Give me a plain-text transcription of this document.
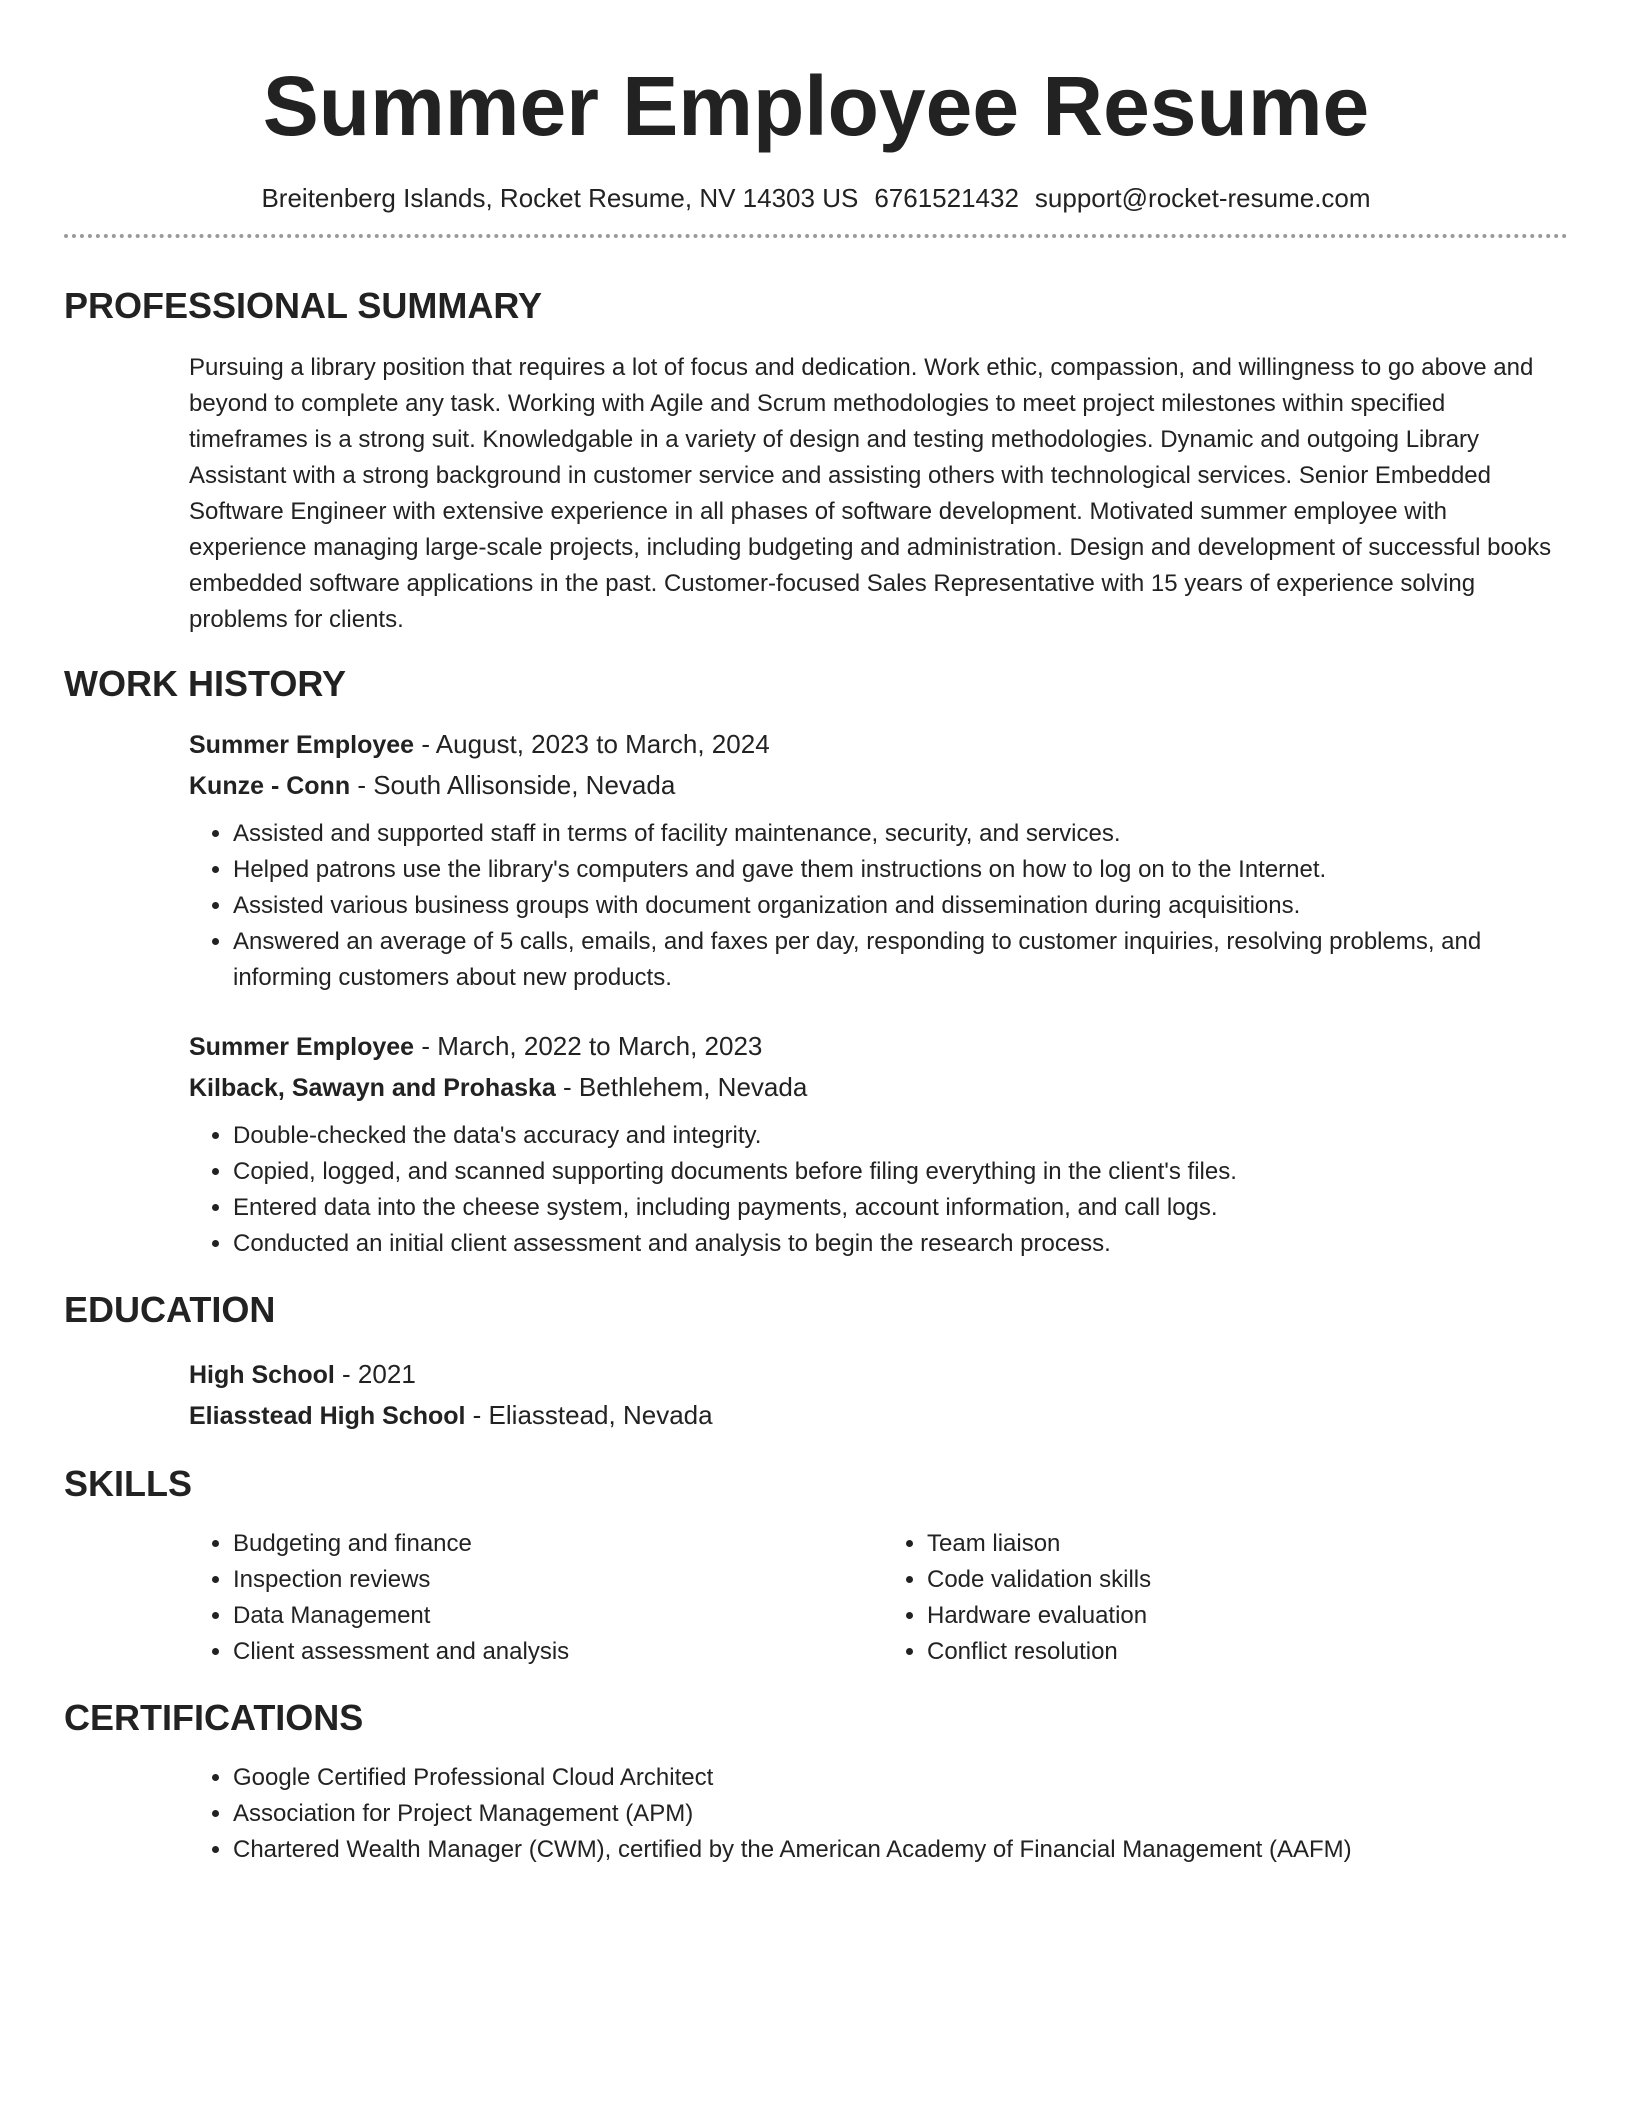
Summer Employee Resume
Breitenberg Islands, Rocket Resume, NV 14303 US 6761521432 support@rocket-resume.com
PROFESSIONAL SUMMARY

Pursuing a library position that requires a lot of focus and dedication. Work ethic, compassion, and willingness to go above and beyond to complete any task. Working with Agile and Scrum methodologies to meet project milestones within specified timeframes is a strong suit. Knowledgable in a variety of design and testing methodologies. Dynamic and outgoing Library Assistant with a strong background in customer service and assisting others with technological services. Senior Embedded Software Engineer with extensive experience in all phases of software development. Motivated summer employee with experience managing large-scale projects, including budgeting and administration. Design and development of successful books embedded software applications in the past. Customer-focused Sales Representative with 15 years of experience solving problems for clients.

WORK HISTORY
Summer Employee - August, 2023 to March, 2024
Kunze - Conn - South Allisonside, Nevada
• Assisted and supported staff in terms of facility maintenance, security, and services.
• Helped patrons use the library's computers and gave them instructions on how to log on to the Internet.
• Assisted various business groups with document organization and dissemination during acquisitions.
• Answered an average of 5 calls, emails, and faxes per day, responding to customer inquiries, resolving problems, and informing customers about new products.
Summer Employee - March, 2022 to March, 2023
Kilback, Sawayn and Prohaska - Bethlehem, Nevada
• Double-checked the data's accuracy and integrity.
• Copied, logged, and scanned supporting documents before filing everything in the client's files.
• Entered data into the cheese system, including payments, account information, and call logs.
• Conducted an initial client assessment and analysis to begin the research process.
EDUCATION
High School - 2021
Eliasstead High School - Eliasstead, Nevada
SKILLS
• Budgeting and finance
• Inspection reviews
• Data Management
• Client assessment and analysis
• Team liaison
• Code validation skills
• Hardware evaluation
• Conflict resolution
CERTIFICATIONS
• Google Certified Professional Cloud Architect
• Association for Project Management (APM)
• Chartered Wealth Manager (CWM), certified by the American Academy of Financial Management (AAFM)
